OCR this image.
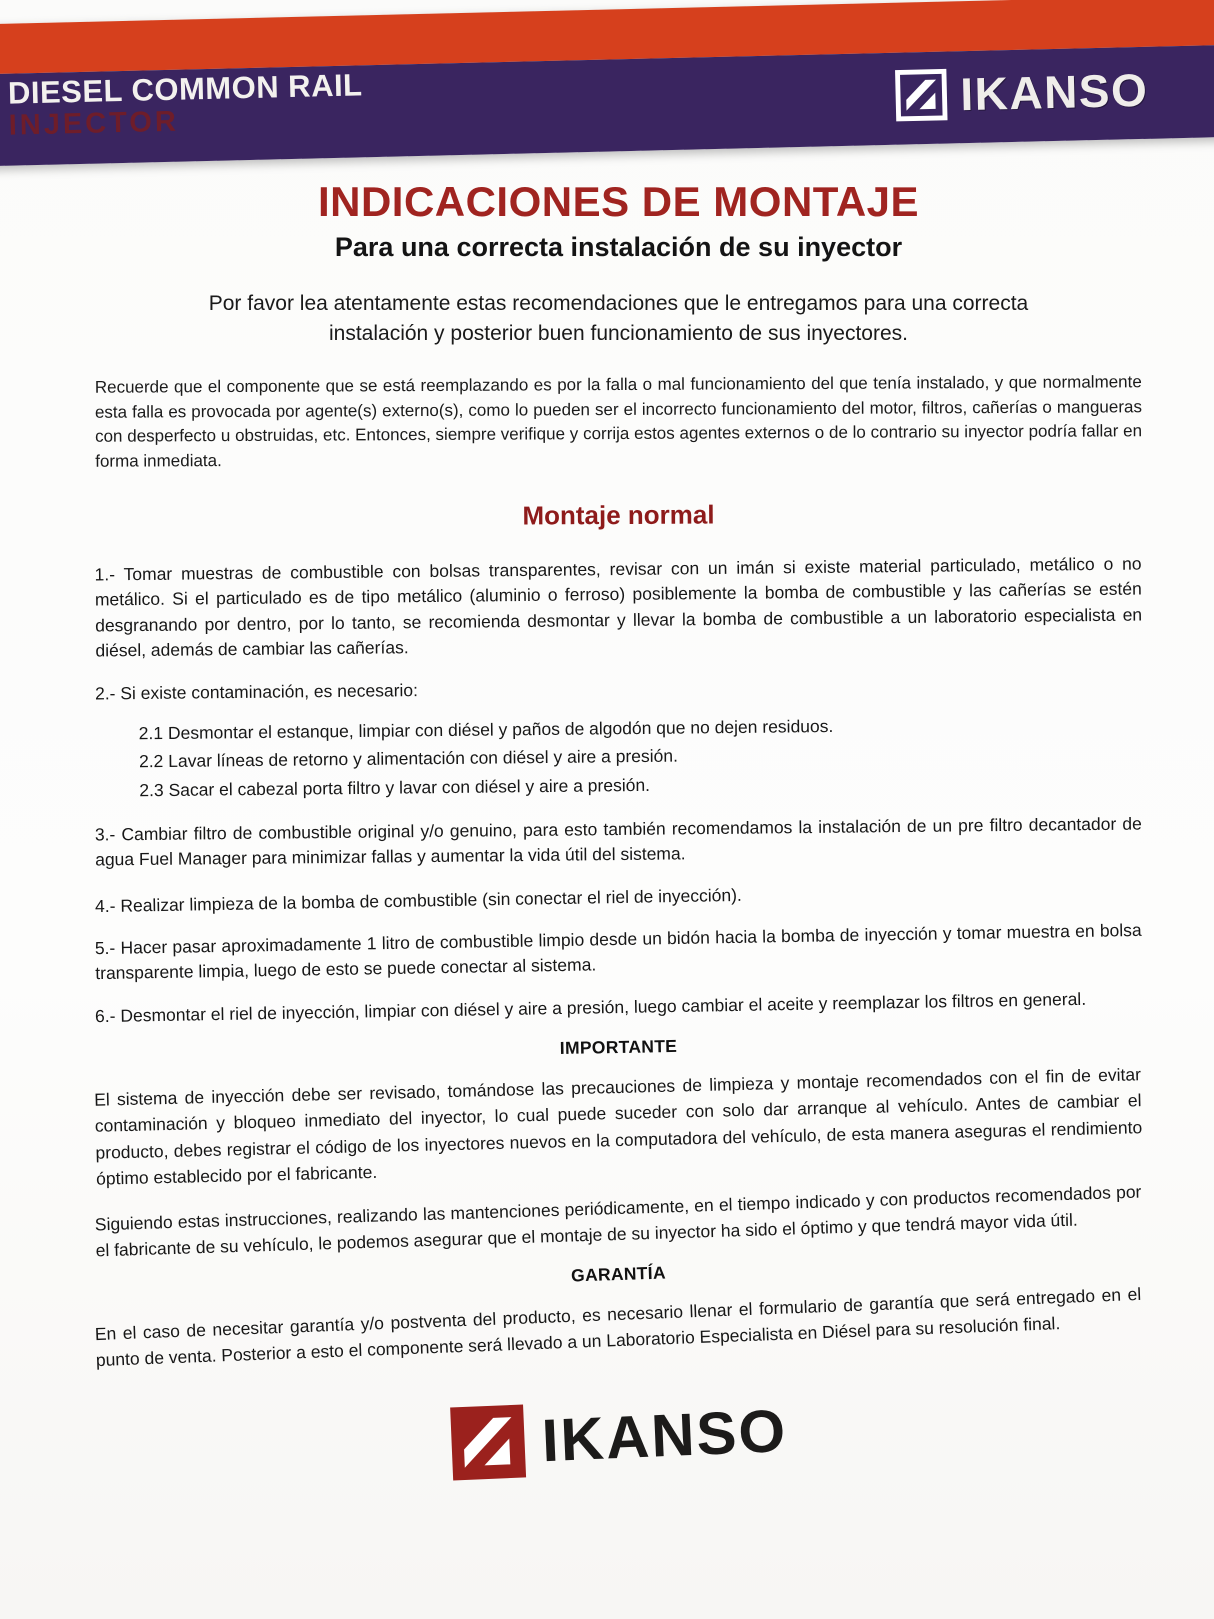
DIESEL COMMON RAIL
INJECTOR
IKANSO
INDICACIONES DE MONTAJE
Para una correcta instalación de su inyector

Por favor lea atentamente estas recomendaciones que le entregamos para una correcta instalación y posterior buen funcionamiento de sus inyectores.

Recuerde que el componente que se está reemplazando es por la falla o mal funcionamiento del que tenía instalado, y que normalmente esta falla es provocada por agente(s) externo(s), como lo pueden ser el incorrecto funcionamiento del motor, filtros, cañerías o mangueras con desperfecto u obstruidas, etc. Entonces, siempre verifique y corrija estos agentes externos o de lo contrario su inyector podría fallar en forma inmediata.

Montaje normal

1.- Tomar muestras de combustible con bolsas transparentes, revisar con un imán si existe material particulado, metálico o no metálico. Si el particulado es de tipo metálico (aluminio o ferroso) posiblemente la bomba de combustible y las cañerías se estén desgranando por dentro, por lo tanto, se recomienda desmontar y llevar la bomba de combustible a un laboratorio especialista en diésel, además de cambiar las cañerías.

2.- Si existe contaminación, es necesario:

2.1 Desmontar el estanque, limpiar con diésel y paños de algodón que no dejen residuos.
2.2 Lavar líneas de retorno y alimentación con diésel y aire a presión.
2.3 Sacar el cabezal porta filtro y lavar con diésel y aire a presión.

3.- Cambiar filtro de combustible original y/o genuino, para esto también recomendamos la instalación de un pre filtro decantador de agua Fuel Manager para minimizar fallas y aumentar la vida útil del sistema.

4.- Realizar limpieza de la bomba de combustible (sin conectar el riel de inyección).

5.- Hacer pasar aproximadamente 1 litro de combustible limpio desde un bidón hacia la bomba de inyección y tomar muestra en bolsa transparente limpia, luego de esto se puede conectar al sistema.

6.- Desmontar el riel de inyección, limpiar con diésel y aire a presión, luego cambiar el aceite y reemplazar los filtros en general.

IMPORTANTE

El sistema de inyección debe ser revisado, tomándose las precauciones de limpieza y montaje recomendados con el fin de evitar contaminación y bloqueo inmediato del inyector, lo cual puede suceder con solo dar arranque al vehículo. Antes de cambiar el producto, debes registrar el código de los inyectores nuevos en la computadora del vehículo, de esta manera aseguras el rendimiento óptimo establecido por el fabricante.

Siguiendo estas instrucciones, realizando las mantenciones periódicamente, en el tiempo indicado y con productos recomendados por el fabricante de su vehículo, le podemos asegurar que el montaje de su inyector ha sido el óptimo y que tendrá mayor vida útil.

GARANTÍA

En el caso de necesitar garantía y/o postventa del producto, es necesario llenar el formulario de garantía que será entregado en el punto de venta. Posterior a esto el componente será llevado a un Laboratorio Especialista en Diésel para su resolución final.

IKANSO
